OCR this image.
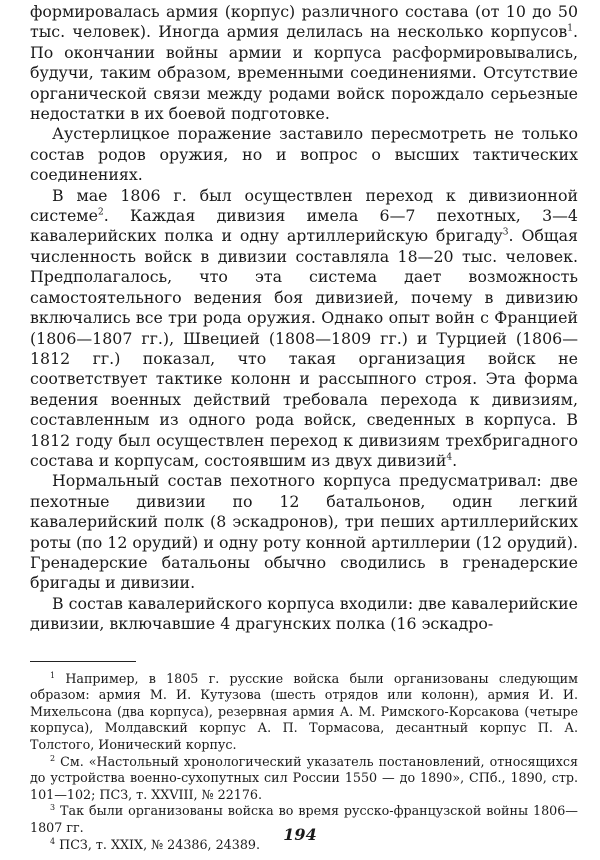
формировалась армия (корпус) различного состава (от 10 до 50 тыс. человек). Иногда армия делилась на несколько корпусов$^1$. По окончании войны армии и корпуса расформировывались, будучи, таким образом, временными соединениями. Отсутствие органической связи между родами войск порождало серьезные недостатки в их боевой подготовке.

Аустерлицкое поражение заставило пересмотреть не только состав родов оружия, но и вопрос о высших тактических соединениях.

В мае 1806 г. был осуществлен переход к дивизионной системе$^2$. Каждая дивизия имела 6—7 пехотных, 3—4 кавалерийских полка и одну артиллерийскую бригаду$^3$. Общая численность войск в дивизии составляла 18—20 тыс. человек. Предполагалось, что эта система дает возможность самостоятельного ведения боя дивизией, почему в дивизию включались все три рода оружия. Однако опыт войн с Францией (1806—1807 гг.), Швецией (1808—1809 гг.) и Турцией (1806—1812 гг.) показал, что такая организация войск не соответствует тактике колонн и рассыпного строя. Эта форма ведения военных действий требовала перехода к дивизиям, составленным из одного рода войск, сведенных в корпуса. В 1812 году был осуществлен переход к дивизиям трехбригадного состава и корпусам, состоявшим из двух дивизий$^4$.

Нормальный состав пехотного корпуса предусматривал: две пехотные дивизии по 12 батальонов, один легкий кавалерийский полк (8 эскадронов), три пеших артиллерийских роты (по 12 орудий) и одну роту конной артиллерии (12 орудий). Гренадерские батальоны обычно сводились в гренадерские бригады и дивизии.

В состав кавалерийского корпуса входили: две кавалерийские дивизии, включавшие 4 драгунских полка (16 эскадро-

$^1$ Например, в 1805 г. русские войска были организованы следующим образом: армия М. И. Кутузова (шесть отрядов или колонн), армия И. И. Михельсона (два корпуса), резервная армия А. М. Римского-Корсакова (четыре корпуса), Молдавский корпус А. П. Тормасова, десантный корпус П. А. Толстого, Ионический корпус.

$^2$ См. «Настольный хронологический указатель постановлений, относящихся до устройства военно-сухопутных сил России 1550 — до 1890», СПб., 1890, стр. 101—102; ПСЗ, т. XXVIII, № 22176.

$^3$ Так были организованы войска во время русско-французской войны 1806—1807 гг.

$^4$ ПСЗ, т. XXIX, № 24386, 24389.

194
